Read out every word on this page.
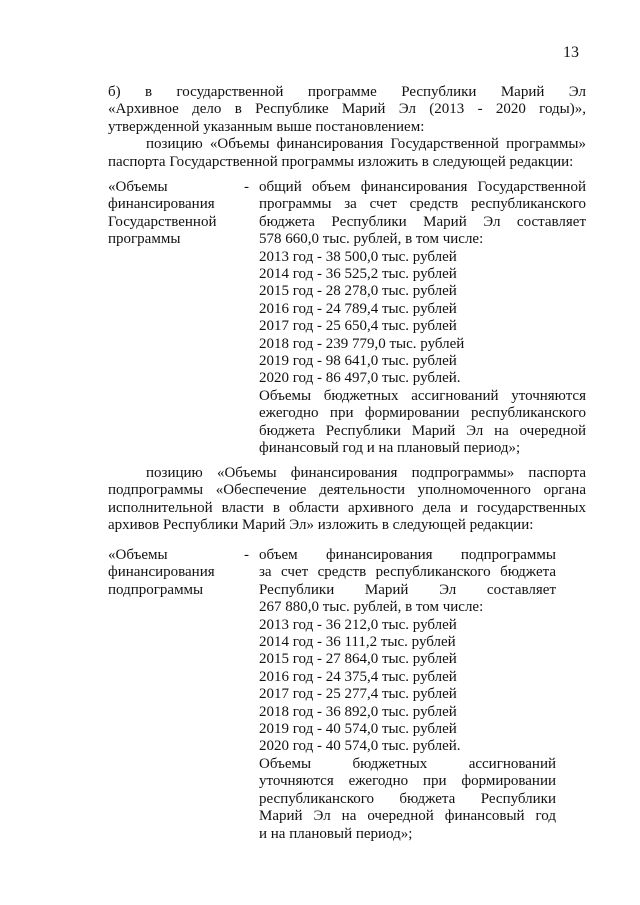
13
б) в государственной программе Республики Марий Эл
«Архивное дело в Республике Марий Эл (2013 - 2020 годы)»,
утвержденной указанным выше постановлением:
позицию «Объемы финансирования Государственной программы»
паспорта Государственной программы изложить в следующей редакции:
«Объемы
финансирования
Государственной
программы
- общий объем финансирования Государственной
программы за счет средств республиканского
бюджета Республики Марий Эл составляет
578 660,0 тыс. рублей, в том числе:
2013 год - 38 500,0 тыс. рублей
2014 год - 36 525,2 тыс. рублей
2015 год - 28 278,0 тыс. рублей
2016 год - 24 789,4 тыс. рублей
2017 год - 25 650,4 тыс. рублей
2018 год - 239 779,0 тыс. рублей
2019 год - 98 641,0 тыс. рублей
2020 год - 86 497,0 тыс. рублей.
Объемы бюджетных ассигнований уточняются
ежегодно при формировании республиканского
бюджета Республики Марий Эл на очередной
финансовый год и на плановый период»;
позицию «Объемы финансирования подпрограммы» паспорта
подпрограммы «Обеспечение деятельности уполномоченного органа
исполнительной власти в области архивного дела и государственных
архивов Республики Марий Эл» изложить в следующей редакции:
«Объемы
финансирования
подпрограммы
- объем финансирования подпрограммы
за счет средств республиканского бюджета
Республики Марий Эл составляет
267 880,0 тыс. рублей, в том числе:
2013 год - 36 212,0 тыс. рублей
2014 год - 36 111,2 тыс. рублей
2015 год - 27 864,0 тыс. рублей
2016 год - 24 375,4 тыс. рублей
2017 год - 25 277,4 тыс. рублей
2018 год - 36 892,0 тыс. рублей
2019 год - 40 574,0 тыс. рублей
2020 год - 40 574,0 тыс. рублей.
Объемы бюджетных ассигнований
уточняются ежегодно при формировании
республиканского бюджета Республики
Марий Эл на очередной финансовый год
и на плановый период»;
